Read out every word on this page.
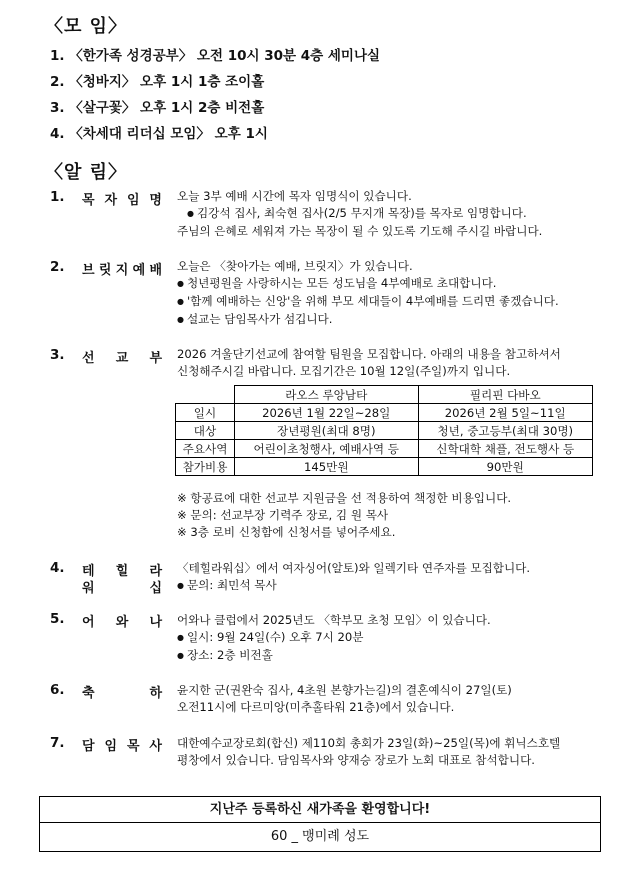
〈모 임〉
1. 〈한가족 성경공부〉 오전 10시 30분 4층 세미나실
2. 〈청바지〉 오후 1시 1층 조이홀
3. 〈살구꽃〉 오후 1시 2층 비전홀
4. 〈차세대 리더십 모임〉 오후 1시
〈알 림〉
1. 목 자 임 명 오늘 3부 예배 시간에 목자 임명식이 있습니다.
● 김강석 집사, 최숙현 집사(2/5 무지개 목장)를 목자로 임명합니다.
주님의 은혜로 세워져 가는 목장이 될 수 있도록 기도해 주시길 바랍니다.
2. 브 릿 지 예 배 오늘은 〈찾아가는 예배, 브릿지〉가 있습니다.
● 청년평원을 사랑하시는 모든 성도님을 4부예배로 초대합니다.
● '함께 예배하는 신앙'을 위해 부모 세대들이 4부예배를 드리면 좋겠습니다.
● 설교는 담임목사가 섬깁니다.
3. 선 교 부 2026 겨울단기선교에 참여할 팀원을 모집합니다. 아래의 내용을 참고하셔서
신청해주시길 바랍니다. 모집기간은 10월 12일(주일)까지 입니다.
	라오스 루앙남타	필리핀 다바오
일시	2026년 1월 22일~28일	2026년 2월 5일~11일
대상	장년평원(최대 8명)	청년, 중고등부(최대 30명)
주요사역	어린이초청행사, 예배사역 등	신학대학 채플, 전도행사 등
참가비용	145만원	90만원
※ 항공료에 대한 선교부 지원금을 선 적용하여 책정한 비용입니다.
※ 문의: 선교부장 기력주 장로, 김 원 목사
※ 3층 로비 신청함에 신청서를 넣어주세요.
4. 테 힐 라
워	십
〈테힐라워십〉에서 여자싱어(알토)와 일렉기타 연주자를 모집합니다.
● 문의: 최민석 목사
5. 어 와 나 어와나 클럽에서 2025년도 〈학부모 초청 모임〉이 있습니다.
● 일시: 9월 24일(수) 오후 7시 20분
● 장소: 2층 비전홀
6. 축	하 윤지한 군(권완숙 집사, 4초원 본향가는길)의 결혼예식이 27일(토)
오전11시에 다르미앙(미추홀타워 21층)에서 있습니다.
7. 담 임 목 사 대한예수교장로회(합신) 제110회 총회가 23일(화)~25일(목)에 휘닉스호텔
평창에서 있습니다. 담임목사와 양재승 장로가 노회 대표로 참석합니다.
지난주 등록하신 새가족을 환영합니다!
60 _ 맹미례 성도
